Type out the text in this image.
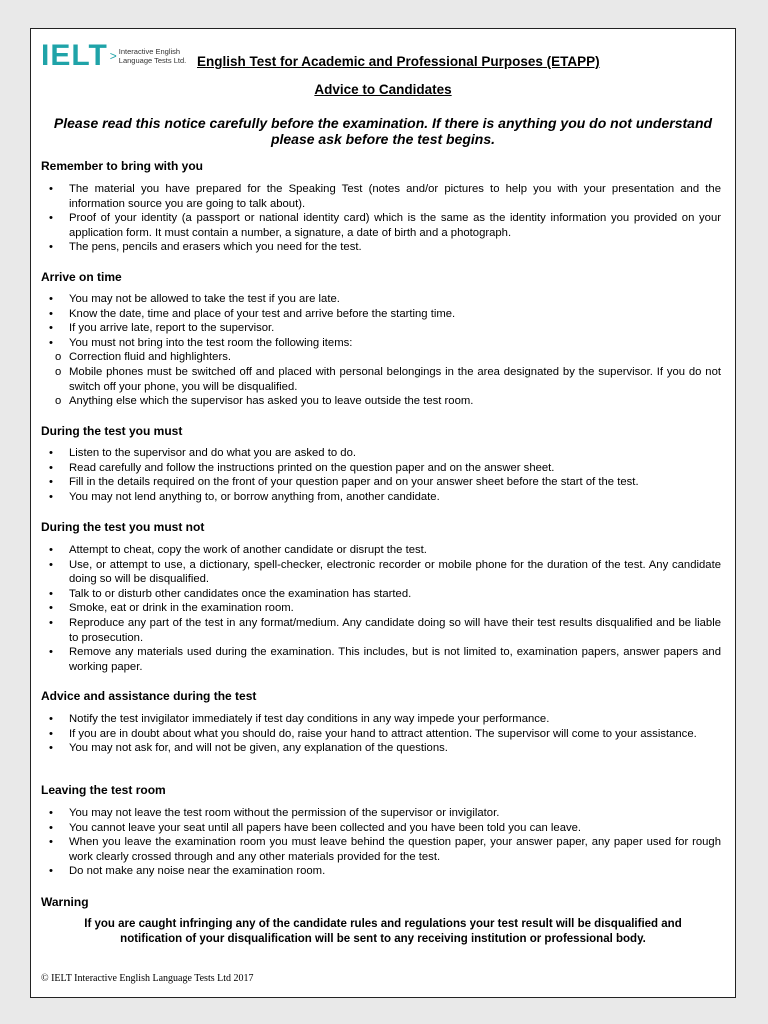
IELT > Interactive English
Language Tests Ltd. English Test for Academic and Professional Purposes (ETAPP)
Advice to Candidates
Please read this notice carefully before the examination. If there is anything you do not understand
please ask before the test begins.
Remember to bring with you
• The material you have prepared for the Speaking Test (notes and/or pictures to help you with your presentation and the information source you are going to talk about).
• Proof of your identity (a passport or national identity card) which is the same as the identity information you provided on your application form. It must contain a number, a signature, a date of birth and a photograph.
• The pens, pencils and erasers which you need for the test.
Arrive on time
• You may not be allowed to take the test if you are late.
• Know the date, time and place of your test and arrive before the starting time.
• If you arrive late, report to the supervisor.
• You must not bring into the test room the following items:
o Correction fluid and highlighters.
o Mobile phones must be switched off and placed with personal belongings in the area designated by the supervisor. If you do not switch off your phone, you will be disqualified.
o Anything else which the supervisor has asked you to leave outside the test room.
During the test you must
• Listen to the supervisor and do what you are asked to do.
• Read carefully and follow the instructions printed on the question paper and on the answer sheet.
• Fill in the details required on the front of your question paper and on your answer sheet before the start of the test.
• You may not lend anything to, or borrow anything from, another candidate.
During the test you must not
• Attempt to cheat, copy the work of another candidate or disrupt the test.
• Use, or attempt to use, a dictionary, spell-checker, electronic recorder or mobile phone for the duration of the test. Any candidate doing so will be disqualified.
• Talk to or disturb other candidates once the examination has started.
• Smoke, eat or drink in the examination room.
• Reproduce any part of the test in any format/medium. Any candidate doing so will have their test results disqualified and be liable to prosecution.
• Remove any materials used during the examination. This includes, but is not limited to, examination papers, answer papers and working paper.
Advice and assistance during the test
• Notify the test invigilator immediately if test day conditions in any way impede your performance.
• If you are in doubt about what you should do, raise your hand to attract attention. The supervisor will come to your assistance.
• You may not ask for, and will not be given, any explanation of the questions.
Leaving the test room
• You may not leave the test room without the permission of the supervisor or invigilator.
• You cannot leave your seat until all papers have been collected and you have been told you can leave.
• When you leave the examination room you must leave behind the question paper, your answer paper, any paper used for rough work clearly crossed through and any other materials provided for the test.
• Do not make any noise near the examination room.
Warning
If you are caught infringing any of the candidate rules and regulations your test result will be disqualified and
notification of your disqualification will be sent to any receiving institution or professional body.
© IELT Interactive English Language Tests Ltd 2017
